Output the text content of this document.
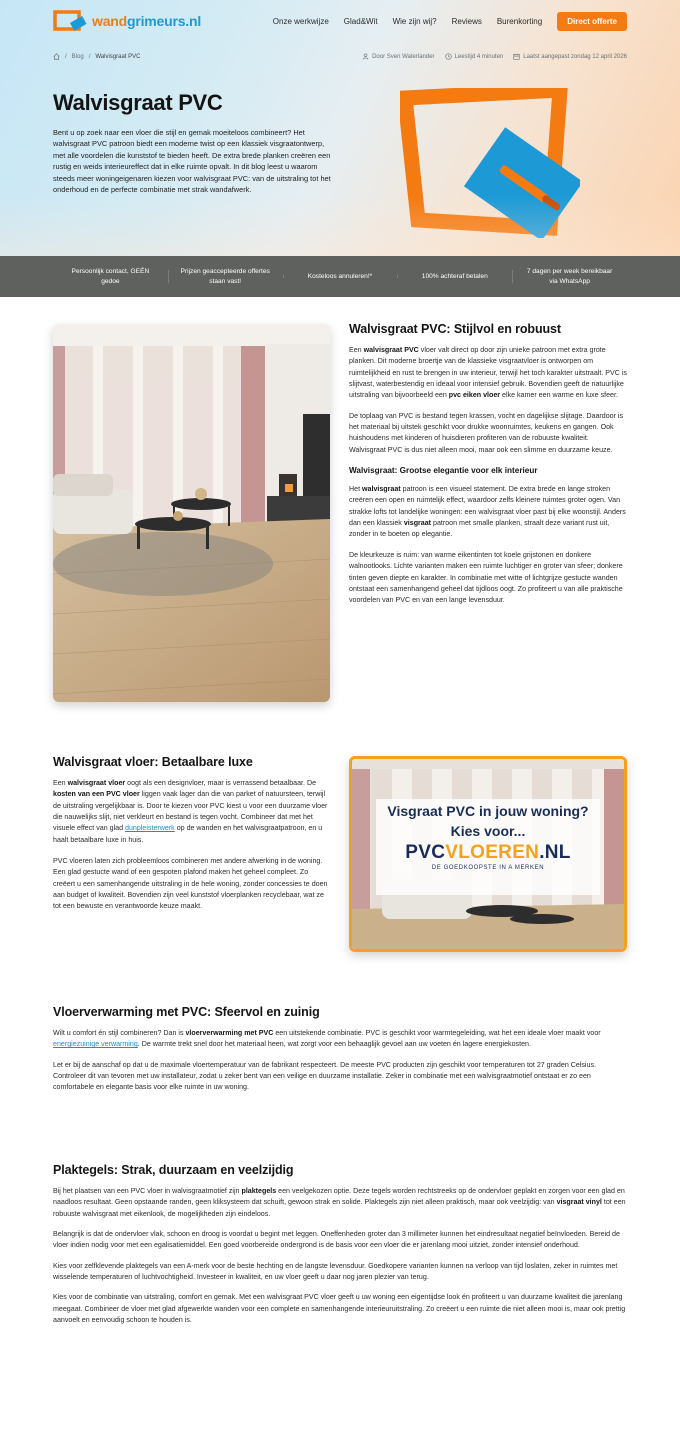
wandgrimeurs.nl	Onze werkwijze Glad&Wit Wie zijn wij? Reviews Burenkorting	Direct offerte
/ Blog / Walvisgraat PVC	Door Sven Waterlander	Leestijd 4 minuten	Laatst aangepast zondag 12 april 2026
Walvisgraat PVC

Bent u op zoek naar een vloer die stijl en gemak moeiteloos combineert? Het walvisgraat PVC patroon biedt een moderne twist op een klassiek visgraatontwerp, met alle voordelen die kunststof te bieden heeft. De extra brede planken creëren een rustig en weids interieureffect dat in elke ruimte opvalt. In dit blog leest u waarom steeds meer woningeigenaren kiezen voor walvisgraat PVC: van de uitstraling tot het onderhoud en de perfecte combinatie met strak wandafwerk.

Persoonlijk contact, GEÉN gedoe
Prijzen geaccepteerde offertes staan vast!
Kosteloos annuleren!*	100% achteraf betalen
7 dagen per week bereikbaar via WhatsApp
Walvisgraat PVC: Stijlvol en robuust

Een walvisgraat PVC vloer valt direct op door zijn unieke patroon met extra grote planken. Dit moderne broertje van de klassieke visgraatvloer is ontworpen om ruimtelijkheid en rust te brengen in uw interieur, terwijl het toch karakter uitstraalt. PVC is slijtvast, waterbestendig en ideaal voor intensief gebruik. Bovendien geeft de natuurlijke uitstraling van bijvoorbeeld een pvc eiken vloer elke kamer een warme en luxe sfeer.

De toplaag van PVC is bestand tegen krassen, vocht en dagelijkse slijtage. Daardoor is het materiaal bij uitstek geschikt voor drukke woonruimtes, keukens en gangen. Ook huishoudens met kinderen of huisdieren profiteren van de robuuste kwaliteit. Walvisgraat PVC is dus niet alleen mooi, maar ook een slimme en duurzame keuze.

Walvisgraat: Grootse elegantie voor elk interieur

Het walvisgraat patroon is een visueel statement. De extra brede en lange stroken creëren een open en ruimtelijk effect, waardoor zelfs kleinere ruimtes groter ogen. Van strakke lofts tot landelijke woningen: een walvisgraat vloer past bij elke woonstijl. Anders dan een klassiek visgraat patroon met smalle planken, straalt deze variant rust uit, zonder in te boeten op elegantie.

De kleurkeuze is ruim: van warme eikentinten tot koele grijstonen en donkere walnootlooks. Lichte varianten maken een ruimte luchtiger en groter van sfeer; donkere tinten geven diepte en karakter. In combinatie met witte of lichtgrijze gestucte wanden ontstaat een samenhangend geheel dat tijdloos oogt. Zo profiteert u van alle praktische voordelen van PVC en van een lange levensduur.

Walvisgraat vloer: Betaalbare luxe

Een walvisgraat vloer oogt als een designvloer, maar is verrassend betaalbaar. De kosten van een PVC vloer liggen vaak lager dan die van parket of natuursteen, terwijl de uitstraling vergelijkbaar is. Door te kiezen voor PVC kiest u voor een duurzame vloer die nauwelijks slijt, niet verkleurt en bestand is tegen vocht. Combineer dat met het visuele effect van glad dunpleisterwerk op de wanden en het walvisgraatpatroon, en u haalt betaalbare luxe in huis.

PVC vloeren laten zich probleemloos combineren met andere afwerking in de woning. Een glad gestucte wand of een gespoten plafond maken het geheel compleet. Zo creëert u een samenhangende uitstraling in de hele woning, zonder concessies te doen aan budget of kwaliteit. Bovendien zijn veel kunststof vloerplanken recyclebaar, wat ze tot een bewuste en verantwoorde keuze maakt.

Visgraat PVC in jouw woning?
Kies voor...
PVCVLOEREN.NL
DE GOEDKOOPSTE IN A MERKEN
Vloerverwarming met PVC: Sfeervol en zuinig

Wilt u comfort én stijl combineren? Dan is vloerverwarming met PVC een uitstekende combinatie. PVC is geschikt voor warmtegeleiding, wat het een ideale vloer maakt voor energiezuinige verwarming. De warmte trekt snel door het materiaal heen, wat zorgt voor een behaaglijk gevoel aan uw voeten én lagere energiekosten.

Let er bij de aanschaf op dat u de maximale vloertemperatuur van de fabrikant respecteert. De meeste PVC producten zijn geschikt voor temperaturen tot 27 graden Celsius. Controleer dit van tevoren met uw installateur, zodat u zeker bent van een veilige en duurzame installatie. Zeker in combinatie met een walvisgraatmotief ontstaat er zo een comfortabele en elegante basis voor elke ruimte in uw woning.

Plaktegels: Strak, duurzaam en veelzijdig

Bij het plaatsen van een PVC vloer in walvisgraatmotief zijn plaktegels een veelgekozen optie. Deze tegels worden rechtstreeks op de ondervloer geplakt en zorgen voor een glad en naadloos resultaat. Geen opstaande randen, geen kliksysteem dat schuift, gewoon strak en solide. Plaktegels zijn niet alleen praktisch, maar ook veelzijdig: van visgraat vinyl tot een robuuste walvisgraat met eikenlook, de mogelijkheden zijn eindeloos.

Belangrijk is dat de ondervloer vlak, schoon en droog is voordat u begint met leggen. Oneffenheden groter dan 3 millimeter kunnen het eindresultaat negatief beïnvloeden. Bereid de vloer indien nodig voor met een egalisatiemiddel. Een goed voorbereide ondergrond is de basis voor een vloer die er jarenlang mooi uitziet, zonder intensief onderhoud.

Kies voor zelfklevende plaktegels van een A-merk voor de beste hechting en de langste levensduur. Goedkopere varianten kunnen na verloop van tijd loslaten, zeker in ruimtes met wisselende temperaturen of luchtvochtigheid. Investeer in kwaliteit, en uw vloer geeft u daar nog jaren plezier van terug.

Kies voor de combinatie van uitstraling, comfort en gemak. Met een walvisgraat PVC vloer geeft u uw woning een eigentijdse look én profiteert u van duurzame kwaliteit die jarenlang meegaat. Combineer de vloer met glad afgewerkte wanden voor een complete en samenhangende interieuruitstraling. Zo creëert u een ruimte die niet alleen mooi is, maar ook prettig aanvoelt en eenvoudig schoon te houden is.
